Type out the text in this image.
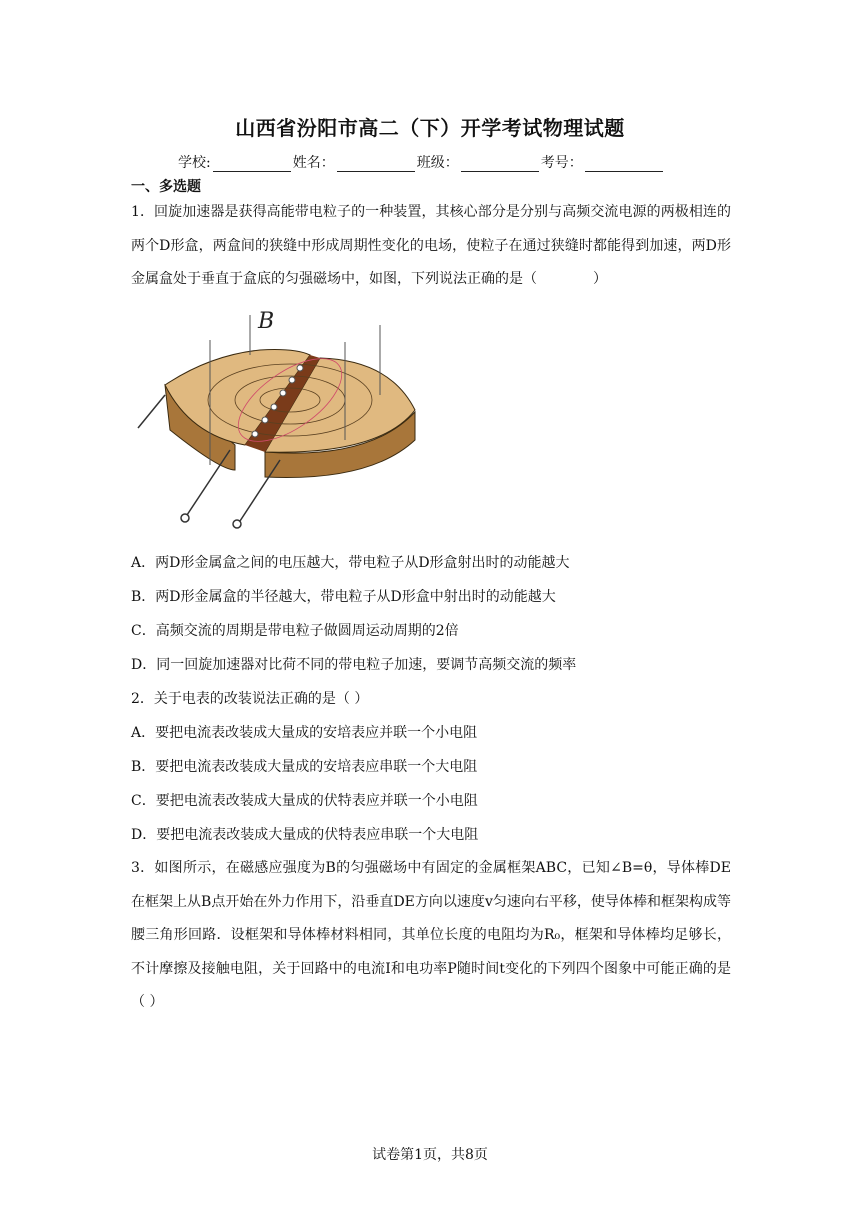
山西省汾阳市高二（下）开学考试物理试题
学校:	姓名：	班级：	考号：
一、多选题
1．回旋加速器是获得高能带电粒子的一种装置，其核心部分是分别与高频交流电源的两极相连的两个D形盒，两盒间的狭缝中形成周期性变化的电场，使粒子在通过狭缝时都能得到加速，两D形金属盒处于垂直于盒底的匀强磁场中，如图，下列说法正确的是（　　　　）
B
A．两D形金属盒之间的电压越大，带电粒子从D形盒射出时的动能越大
B．两D形金属盒的半径越大，带电粒子从D形盒中射出时的动能越大
C．高频交流的周期是带电粒子做圆周运动周期的2倍
D．同一回旋加速器对比荷不同的带电粒子加速，要调节高频交流的频率
2．关于电表的改装说法正确的是（ ）
A．要把电流表改装成大量成的安培表应并联一个小电阻
B．要把电流表改装成大量成的安培表应串联一个大电阻
C．要把电流表改装成大量成的伏特表应并联一个小电阻
D．要把电流表改装成大量成的伏特表应串联一个大电阻
3．如图所示，在磁感应强度为B的匀强磁场中有固定的金属框架ABC，已知∠B=θ，导体棒DE在框架上从B点开始在外力作用下，沿垂直DE方向以速度v匀速向右平移，使导体棒和框架构成等腰三角形回路．设框架和导体棒材料相同，其单位长度的电阻均为R₀，框架和导体棒均足够长，不计摩擦及接触电阻，关于回路中的电流I和电功率P随时间t变化的下列四个图象中可能正确的是（ ）
试卷第1页，共8页
